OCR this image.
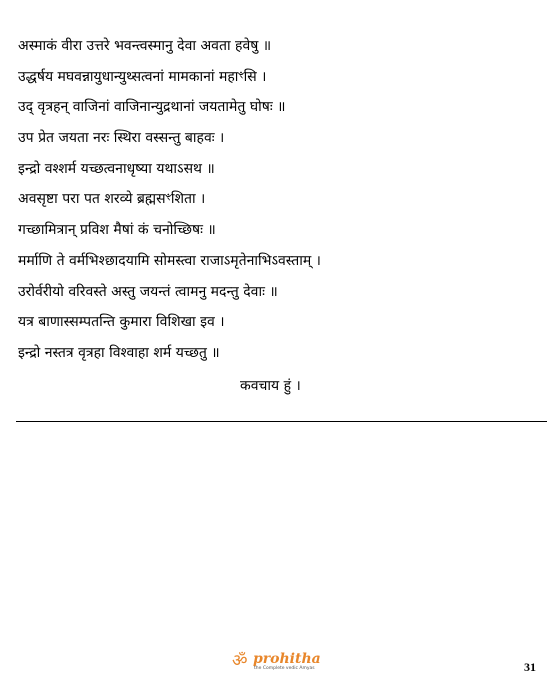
अस्माकं वीरा उत्तरे भवन्त्वस्मानु देवा अवता हवेषु ॥
उद्धर्षय मघवन्नायुधान्युथ्सत्वनां मामकानां महाꣳसि ।
उद् वृत्रहन् वाजिनां वाजिनान्युद्रथानां जयतामेतु घोषः ॥
उप प्रेत जयता नरः स्थिरा वस्सन्तु बाहवः ।
इन्द्रो वश्शर्म यच्छत्वनाधृष्या यथाऽसथ ॥
अवसृष्टा परा पत शरव्ये ब्रह्मसꣳशिता ।
गच्छामित्रान् प्रविश मैषां कं चनोच्छिषः ॥
मर्माणि ते वर्मभिश्छादयामि सोमस्त्वा राजाऽमृतेनाभिऽवस्ताम् ।
उरोर्वरीयो वरिवस्ते अस्तु जयन्तं त्वामनु मदन्तु देवाः ॥
यत्र बाणास्सम्पतन्ति कुमारा विशिखा इव ।
इन्द्रो नस्तत्र वृत्रहा विश्वाहा शर्म यच्छतु ॥
कवचाय हुं ।
ॐ prohitha
the Complete vedic Amyas	31
